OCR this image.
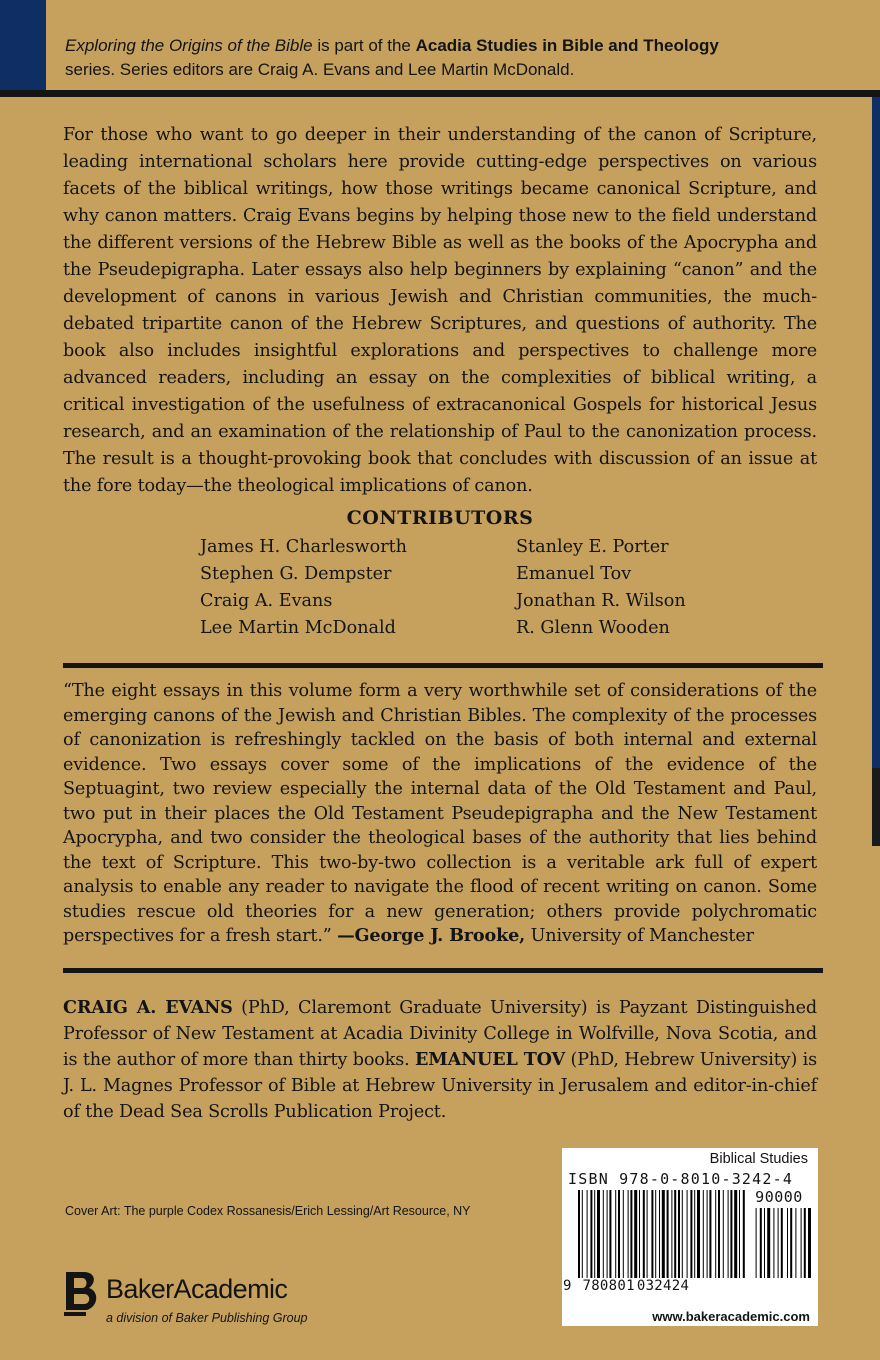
Exploring the Origins of the Bible is part of the Acadia Studies in Bible and Theology
series. Series editors are Craig A. Evans and Lee Martin McDonald.
For those who want to go deeper in their understanding of the canon of Scripture, leading international scholars here provide cutting-edge perspectives on various facets of the biblical writings, how those writings became canonical Scripture, and why canon matters. Craig Evans begins by helping those new to the field understand the different versions of the Hebrew Bible as well as the books of the Apocrypha and the Pseudepigrapha. Later essays also help beginners by explaining “canon” and the development of canons in various Jewish and Christian communities, the much-debated tripartite canon of the Hebrew Scriptures, and questions of authority. The book also includes insightful explorations and perspectives to challenge more advanced readers, including an essay on the complexities of biblical writing, a critical investigation of the usefulness of extracanonical Gospels for historical Jesus research, and an examination of the relationship of Paul to the canonization process. The result is a thought-provoking book that concludes with discussion of an issue at the fore today—the theological implications of canon.
CONTRIBUTORS
James H. Charlesworth
Stephen G. Dempster
Craig A. Evans
Lee Martin McDonald
Stanley E. Porter
Emanuel Tov
Jonathan R. Wilson
R. Glenn Wooden
“The eight essays in this volume form a very worthwhile set of considerations of the emerging canons of the Jewish and Christian Bibles. The complexity of the processes of canonization is refreshingly tackled on the basis of both internal and external evidence. Two essays cover some of the implications of the evidence of the Septuagint, two review especially the internal data of the Old Testament and Paul, two put in their places the Old Testament Pseudepigrapha and the New Testament Apocrypha, and two consider the theological bases of the authority that lies behind the text of Scripture. This two-by-two collection is a veritable ark full of expert analysis to enable any reader to navigate the flood of recent writing on canon. Some studies rescue old theories for a new generation; others provide polychromatic perspectives for a fresh start.” —George J. Brooke, University of Manchester
CRAIG A. EVANS (PhD, Claremont Graduate University) is Payzant Distinguished Professor of New Testament at Acadia Divinity College in Wolfville, Nova Scotia, and is the author of more than thirty books. EMANUEL TOV (PhD, Hebrew University) is J. L. Magnes Professor of Bible at Hebrew University in Jerusalem and editor-in-chief of the Dead Sea Scrolls Publication Project.
Cover Art: The purple Codex Rossanesis/Erich Lessing/Art Resource, NY
BakerAcademic
a division of Baker Publishing Group
Biblical Studies
ISBN 978-0-8010-3242-4
90000
9 780801 032424
www.bakeracademic.com
